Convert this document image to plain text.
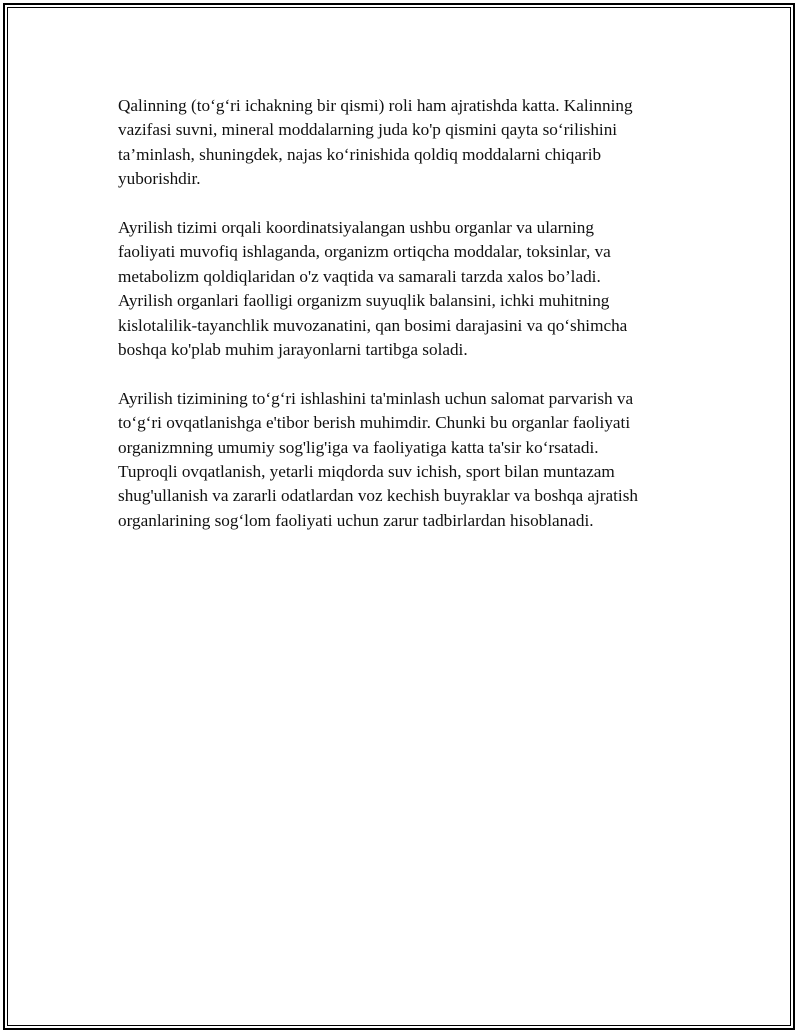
Qalinning (to‘g‘ri ichakning bir qismi) roli ham ajratishda katta. Kalinning
vazifasi suvni, mineral moddalarning juda ko'p qismini qayta so‘rilishini
ta’minlash, shuningdek, najas ko‘rinishida qoldiq moddalarni chiqarib
yuborishdir.

Ayrilish tizimi orqali koordinatsiyalangan ushbu organlar va ularning
faoliyati muvofiq ishlaganda, organizm ortiqcha moddalar, toksinlar, va
metabolizm qoldiqlaridan o'z vaqtida va samarali tarzda xalos bo’ladi.
Ayrilish organlari faolligi organizm suyuqlik balansini, ichki muhitning
kislotalilik-tayanchlik muvozanatini, qan bosimi darajasini va qo‘shimcha
boshqa ko'plab muhim jarayonlarni tartibga soladi.

Ayrilish tizimining to‘g‘ri ishlashini ta'minlash uchun salomat parvarish va
to‘g‘ri ovqatlanishga e'tibor berish muhimdir. Chunki bu organlar faoliyati
organizmning umumiy sog'lig'iga va faoliyatiga katta ta'sir ko‘rsatadi.
Tuproqli ovqatlanish, yetarli miqdorda suv ichish, sport bilan muntazam
shug'ullanish va zararli odatlardan voz kechish buyraklar va boshqa ajratish
organlarining sog‘lom faoliyati uchun zarur tadbirlardan hisoblanadi.
